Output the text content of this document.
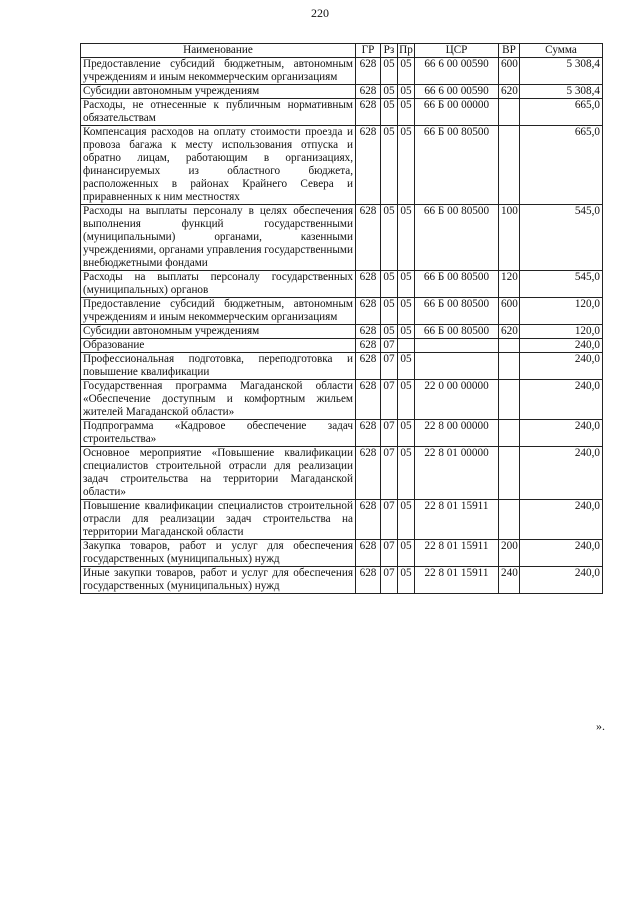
220
Наименование	ГР	Рз	Пр	ЦСР	ВР	Сумма
Предоставление субсидий бюджетным, автономным учреждениям и иным некоммерческим организациям	628	05	05	66 6 00 00590	600	5 308,4
Субсидии автономным учреждениям	628	05	05	66 6 00 00590	620	5 308,4
Расходы, не отнесенные к публичным нормативным обязательствам	628	05	05	66 Б 00 00000		665,0
Компенсация расходов на оплату стоимости проезда и провоза багажа к месту использования отпуска и обратно лицам, работающим в организациях, финансируемых из областного бюджета, расположенных в районах Крайнего Севера и приравненных к ним местностях	628	05	05	66 Б 00 80500		665,0
Расходы на выплаты персоналу в целях обеспечения выполнения функций государственными (муниципальными) органами, казенными учреждениями, органами управления государственными внебюджетными фондами	628	05	05	66 Б 00 80500	100	545,0
Расходы на выплаты персоналу государственных (муниципальных) органов	628	05	05	66 Б 00 80500	120	545,0
Предоставление субсидий бюджетным, автономным учреждениям и иным некоммерческим организациям	628	05	05	66 Б 00 80500	600	120,0
Субсидии автономным учреждениям	628	05	05	66 Б 00 80500	620	120,0
Образование	628	07				240,0
Профессиональная подготовка, переподготовка и повышение квалификации	628	07	05			240,0
Государственная программа Магаданской области «Обеспечение доступным и комфортным жильем жителей Магаданской области»	628	07	05	22 0 00 00000		240,0
Подпрограмма «Кадровое обеспечение задач строительства»	628	07	05	22 8 00 00000		240,0
Основное мероприятие «Повышение квалификации специалистов строительной отрасли для реализации задач строительства на территории Магаданской области»	628	07	05	22 8 01 00000		240,0
Повышение квалификации специалистов строительной отрасли для реализации задач строительства на территории Магаданской области	628	07	05	22 8 01 15911		240,0
Закупка товаров, работ и услуг для обеспечения государственных (муниципальных) нужд	628	07	05	22 8 01 15911	200	240,0
Иные закупки товаров, работ и услуг для обеспечения государственных (муниципальных) нужд	628	07	05	22 8 01 15911	240	240,0
».
